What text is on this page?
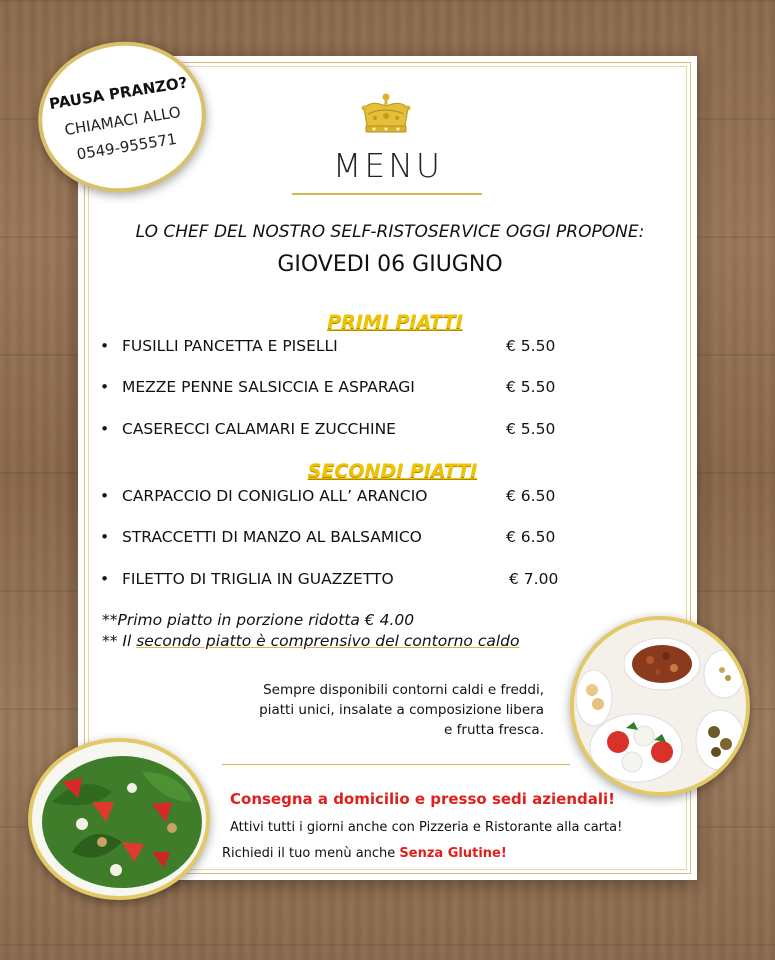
PAUSA PRANZO?
CHIAMACI ALLO
0549-955571	MENU
LO CHEF DEL NOSTRO SELF-RISTOSERVICE OGGI PROPONE:
GIOVEDI 06 GIUGNO
PRIMI PIATTI
• FUSILLI PANCETTA E PISELLI	€ 5.50
• MEZZE PENNE SALSICCIA E ASPARAGI	€ 5.50
• CASERECCI CALAMARI E ZUCCHINE	€ 5.50
SECONDI PIATTI
• CARPACCIO DI CONIGLIO ALL’ ARANCIO	€ 6.50
• STRACCETTI DI MANZO AL BALSAMICO	€ 6.50
• FILETTO DI TRIGLIA IN GUAZZETTO	€ 7.00
**Primo piatto in porzione ridotta € 4.00
** Il secondo piatto è comprensivo del contorno caldo
Sempre disponibili contorni caldi e freddi,
piatti unici, insalate a composizione libera
e frutta fresca.
Consegna a domicilio e presso sedi aziendali!
Attivi tutti i giorni anche con Pizzeria e Ristorante alla carta!
Richiedi il tuo menù anche Senza Glutine!
